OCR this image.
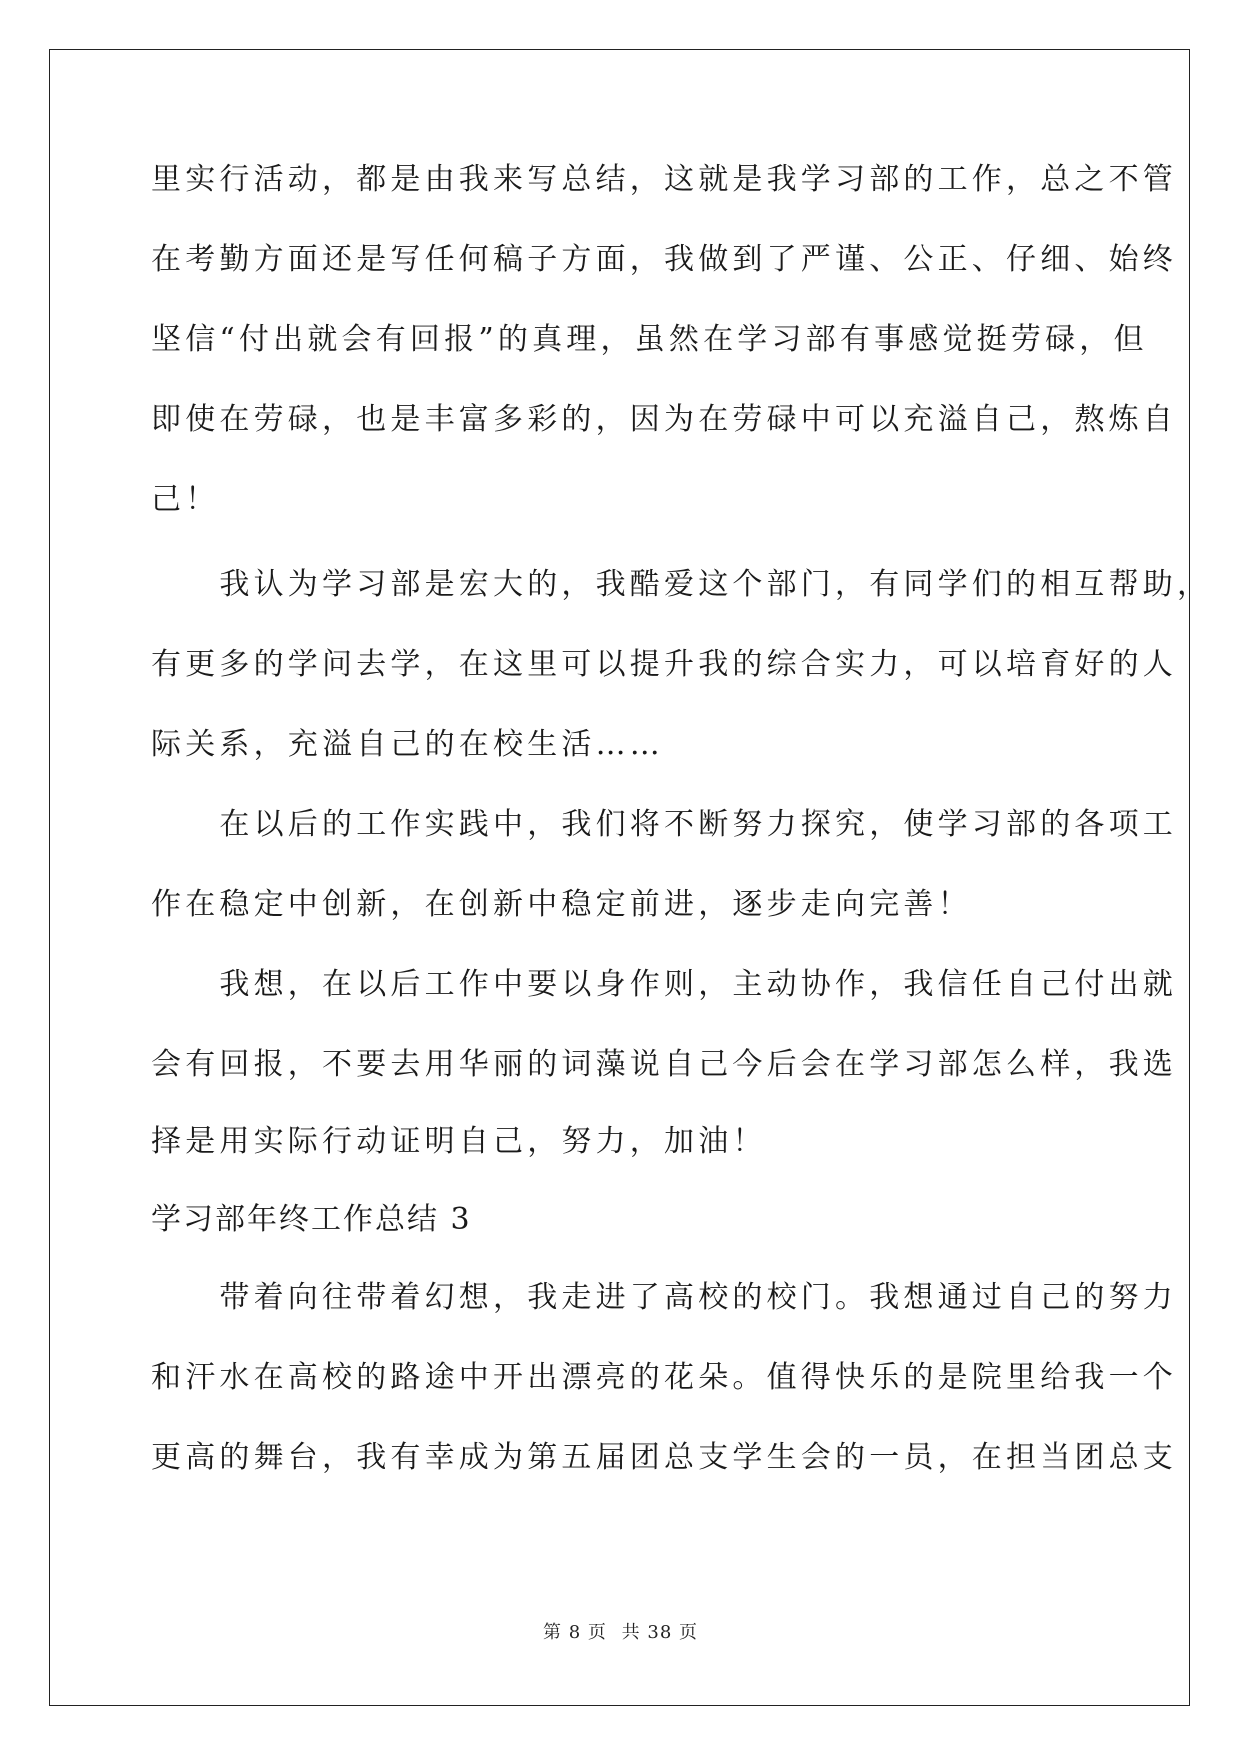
里实行活动，都是由我来写总结，这就是我学习部的工作，总之不管
在考勤方面还是写任何稿子方面，我做到了严谨、公正、仔细、始终
坚信“付出就会有回报”的真理，虽然在学习部有事感觉挺劳碌，但
即使在劳碌，也是丰富多彩的，因为在劳碌中可以充溢自己，熬炼自
己！
　　我认为学习部是宏大的，我酷爱这个部门，有同学们的相互帮助，
有更多的学问去学，在这里可以提升我的综合实力，可以培育好的人
际关系，充溢自己的在校生活……
　　在以后的工作实践中，我们将不断努力探究，使学习部的各项工
作在稳定中创新，在创新中稳定前进，逐步走向完善！
　　我想，在以后工作中要以身作则，主动协作，我信任自己付出就
会有回报，不要去用华丽的词藻说自己今后会在学习部怎么样，我选
择是用实际行动证明自己，努力，加油！
学习部年终工作总结 3
　　带着向往带着幻想，我走进了高校的校门。我想通过自己的努力
和汗水在高校的路途中开出漂亮的花朵。值得快乐的是院里给我一个
更高的舞台，我有幸成为第五届团总支学生会的一员，在担当团总支
第 8 页 共 38 页
